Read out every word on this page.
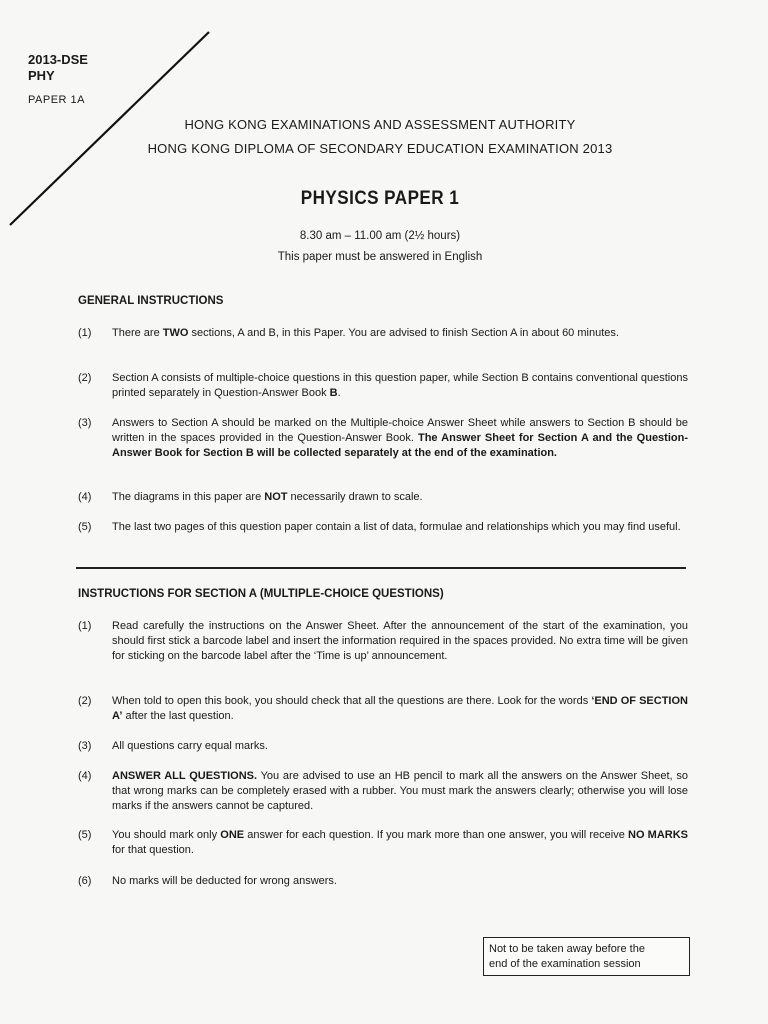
2013-DSE
PHY
PAPER 1A
HONG KONG EXAMINATIONS AND ASSESSMENT AUTHORITY
HONG KONG DIPLOMA OF SECONDARY EDUCATION EXAMINATION 2013
PHYSICS PAPER 1
8.30 am – 11.00 am (2½ hours)
This paper must be answered in English
GENERAL INSTRUCTIONS
(1)	There are TWO sections, A and B, in this Paper. You are advised to finish Section A in about 60 minutes.
(2)	Section A consists of multiple-choice questions in this question paper, while Section B contains conventional questions printed separately in Question-Answer Book B.
(3)	Answers to Section A should be marked on the Multiple-choice Answer Sheet while answers to Section B should be written in the spaces provided in the Question-Answer Book. The Answer Sheet for Section A and the Question-Answer Book for Section B will be collected separately at the end of the examination.
(4)	The diagrams in this paper are NOT necessarily drawn to scale.
(5)	The last two pages of this question paper contain a list of data, formulae and relationships which you may find useful.
INSTRUCTIONS FOR SECTION A (MULTIPLE-CHOICE QUESTIONS)
(1)	Read carefully the instructions on the Answer Sheet. After the announcement of the start of the examination, you should first stick a barcode label and insert the information required in the spaces provided. No extra time will be given for sticking on the barcode label after the ‘Time is up’ announcement.
(2)	When told to open this book, you should check that all the questions are there. Look for the words ‘END OF SECTION A’ after the last question.
(3)	All questions carry equal marks.
(4)	ANSWER ALL QUESTIONS. You are advised to use an HB pencil to mark all the answers on the Answer Sheet, so that wrong marks can be completely erased with a rubber. You must mark the answers clearly; otherwise you will lose marks if the answers cannot be captured.
(5)	You should mark only ONE answer for each question. If you mark more than one answer, you will receive NO MARKS for that question.
(6)	No marks will be deducted for wrong answers.
Not to be taken away before the
end of the examination session
